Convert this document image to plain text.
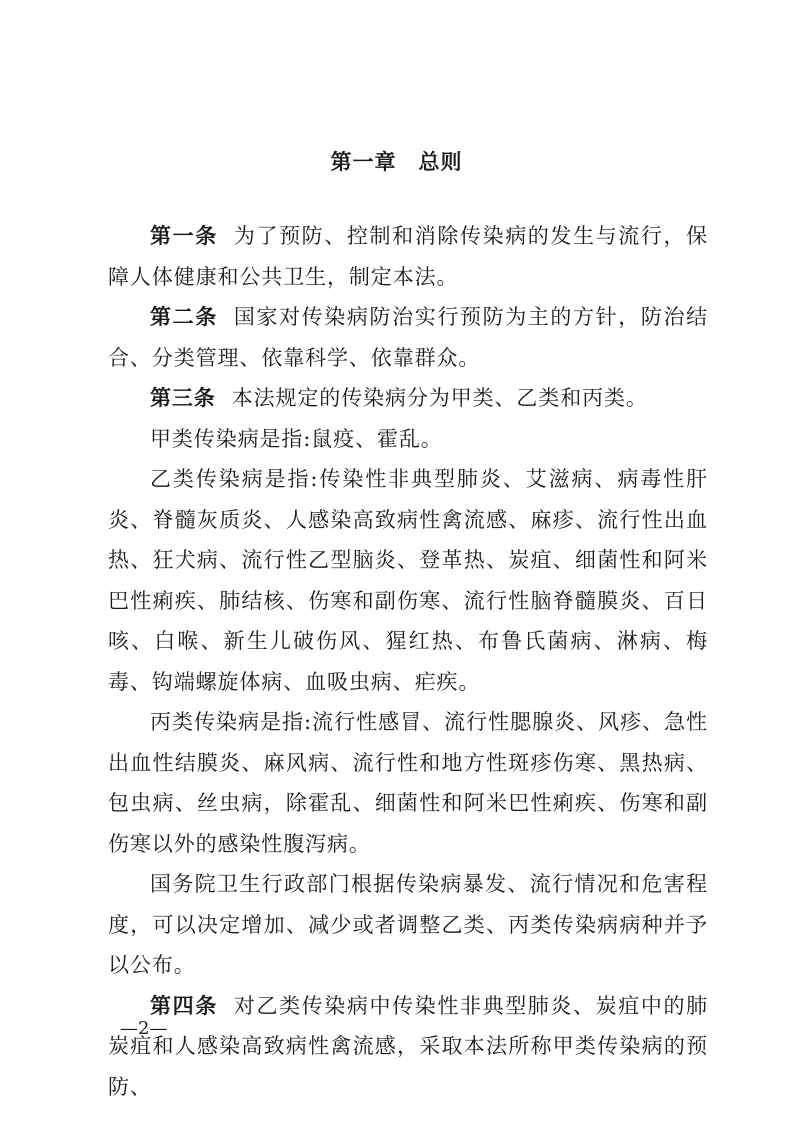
第一章 总则

第一条 为了预防、控制和消除传染病的发生与流行，保障人体健康和公共卫生，制定本法。

第二条 国家对传染病防治实行预防为主的方针，防治结合、分类管理、依靠科学、依靠群众。

第三条 本法规定的传染病分为甲类、乙类和丙类。

甲类传染病是指:鼠疫、霍乱。

乙类传染病是指:传染性非典型肺炎、艾滋病、病毒性肝炎、脊髓灰质炎、人感染高致病性禽流感、麻疹、流行性出血热、狂犬病、流行性乙型脑炎、登革热、炭疽、细菌性和阿米巴性痢疾、肺结核、伤寒和副伤寒、流行性脑脊髓膜炎、百日咳、白喉、新生儿破伤风、猩红热、布鲁氏菌病、淋病、梅毒、钩端螺旋体病、血吸虫病、疟疾。

丙类传染病是指:流行性感冒、流行性腮腺炎、风疹、急性出血性结膜炎、麻风病、流行性和地方性斑疹伤寒、黑热病、包虫病、丝虫病，除霍乱、细菌性和阿米巴性痢疾、伤寒和副伤寒以外的感染性腹泻病。

国务院卫生行政部门根据传染病暴发、流行情况和危害程度，可以决定增加、减少或者调整乙类、丙类传染病病种并予以公布。

第四条 对乙类传染病中传染性非典型肺炎、炭疽中的肺炭疽和人感染高致病性禽流感，采取本法所称甲类传染病的预防、

—2—
